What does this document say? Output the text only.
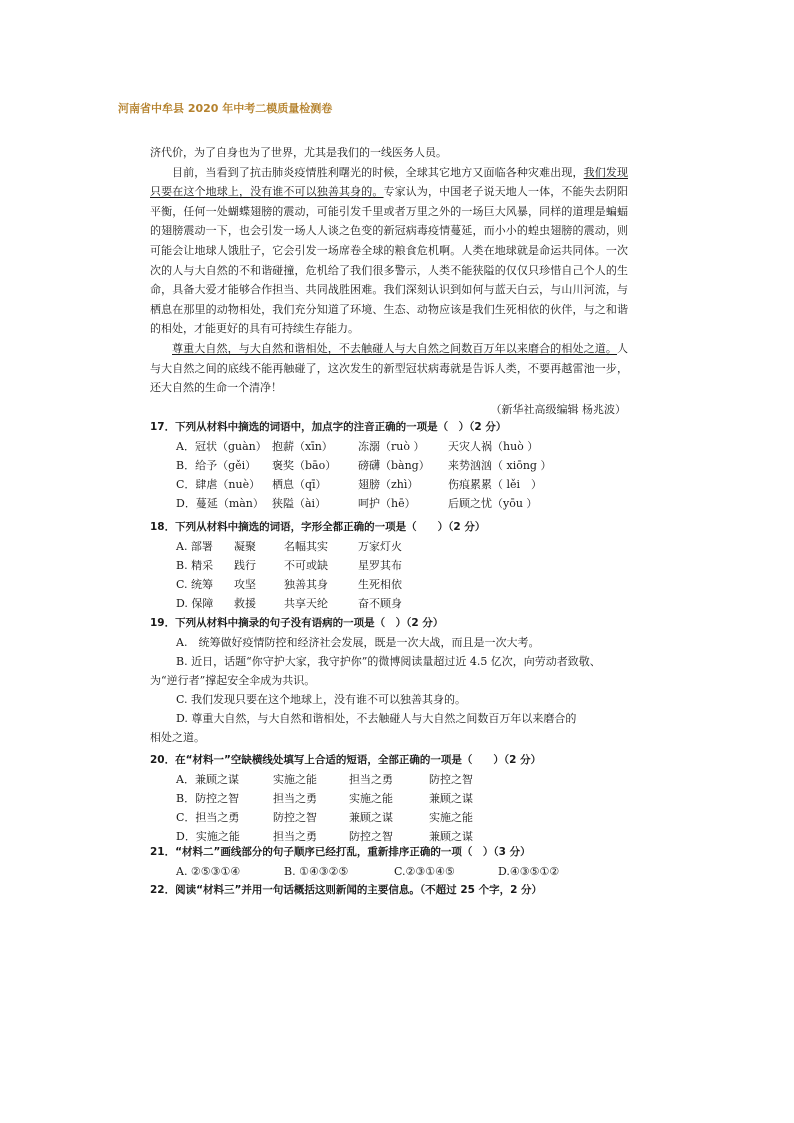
河南省中牟县 2020 年中考二模质量检测卷

济代价，为了自身也为了世界，尤其是我们的一线医务人员。

目前，当看到了抗击肺炎疫情胜利曙光的时候，全球其它地方又面临各种灾难出现，我们发现只要在这个地球上，没有谁不可以独善其身的。专家认为，中国老子说天地人一体，不能失去阴阳平衡，任何一处蝴蝶翅膀的震动，可能引发千里或者万里之外的一场巨大风暴，同样的道理是蝙蝠的翅膀震动一下，也会引发一场人人谈之色变的新冠病毒疫情蔓延，而小小的蝗虫翅膀的震动，则可能会让地球人饿肚子，它会引发一场席卷全球的粮食危机啊。人类在地球就是命运共同体。一次次的人与大自然的不和谐碰撞，危机给了我们很多警示，人类不能狭隘的仅仅只珍惜自己个人的生命，具备大爱才能够合作担当、共同战胜困难。我们深刻认识到如何与蓝天白云，与山川河流，与栖息在那里的动物相处，我们充分知道了环境、生态、动物应该是我们生死相依的伙伴，与之和谐的相处，才能更好的具有可持续生存能力。

尊重大自然，与大自然和谐相处，不去触碰人与大自然之间数百万年以来磨合的相处之道。人与大自然之间的底线不能再触碰了，这次发生的新型冠状病毒就是告诉人类，不要再越雷池一步，还大自然的生命一个清净！

（新华社高级编辑 杨兆波）
17．下列从材料中摘选的词语中，加点字的注音正确的一项是（　）（2 分）
A．冠状（guàn） 抱薪（xīn）	冻溺（ruò ）	天灾人祸（huò ）
B．给予（gěi）	褒奖（bāo）	磅礴（bàng）	来势汹汹（ xiōng ）
C．肆虐（nuè）	栖息（qī）	翅膀（zhì）	伤痕累累（ lěi　）
D．蔓延（màn） 狭隘（ài）	呵护（hē）	后顾之忧（yōu ）
18．下列从材料中摘选的词语，字形全都正确的一项是（　　）（2 分）
A. 部署	凝聚	名幅其实	万家灯火
B. 精采	践行	不可或缺	星罗其布
C. 统筹	攻坚	独善其身	生死相依
D. 保障	救援	共享天纶	奋不顾身
19．下列从材料中摘录的句子没有语病的一项是（　）（2 分）
A.　统筹做好疫情防控和经济社会发展，既是一次大战，而且是一次大考。
B. 近日，话题“你守护大家，我守护你”的微博阅读量超过近 4.5 亿次，向劳动者致敬、
为“逆行者”撑起安全伞成为共识。
C. 我们发现只要在这个地球上，没有谁不可以独善其身的。
D. 尊重大自然，与大自然和谐相处，不去触碰人与大自然之间数百万年以来磨合的
相处之道。
20．在“材料一”空缺横线处填写上合适的短语，全部正确的一项是（　　）（2 分）
A．兼顾之谋	实施之能	担当之勇	防控之智
B．防控之智	担当之勇	实施之能	兼顾之谋
C．担当之勇	防控之智	兼顾之谋	实施之能
D．实施之能	担当之勇	防控之智	兼顾之谋
21．“材料二”画线部分的句子顺序已经打乱，重新排序正确的一项（　）（3 分）
A. ②⑤③①④	B. ①④③②⑤	C.②③①④⑤	D.④③⑤①②
22．阅读“材料三”并用一句话概括这则新闻的主要信息。（不超过 25 个字，2 分）
